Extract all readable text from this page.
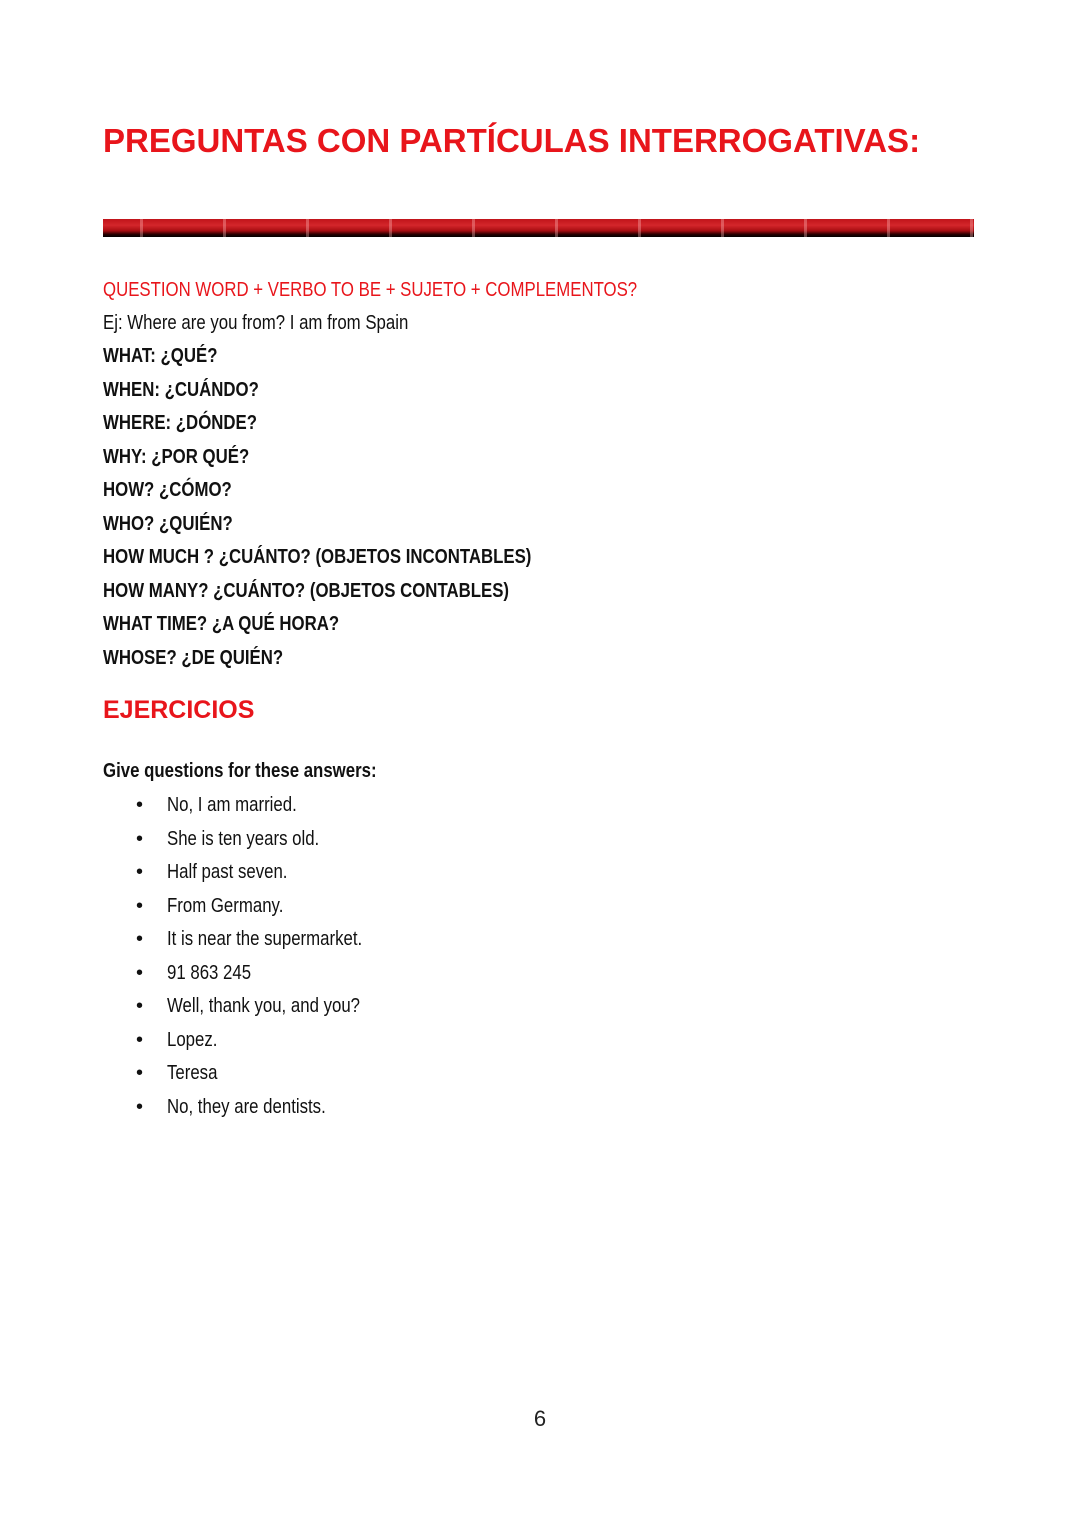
PREGUNTAS CON PARTÍCULAS INTERROGATIVAS:
QUESTION WORD + VERBO TO BE + SUJETO + COMPLEMENTOS?
Ej: Where are you from? I am from Spain
WHAT: ¿QUÉ?
WHEN: ¿CUÁNDO?
WHERE: ¿DÓNDE?
WHY: ¿POR QUÉ?
HOW? ¿CÓMO?
WHO? ¿QUIÉN?
HOW MUCH ? ¿CUÁNTO? (OBJETOS INCONTABLES)
HOW MANY? ¿CUÁNTO? (OBJETOS CONTABLES)
WHAT TIME? ¿A QUÉ HORA?
WHOSE? ¿DE QUIÉN?
EJERCICIOS
Give questions for these answers:
• No, I am married.
• She is ten years old.
• Half past seven.
• From Germany.
• It is near the supermarket.
• 91 863 245
• Well, thank you, and you?
• Lopez.
• Teresa
• No, they are dentists.
6
